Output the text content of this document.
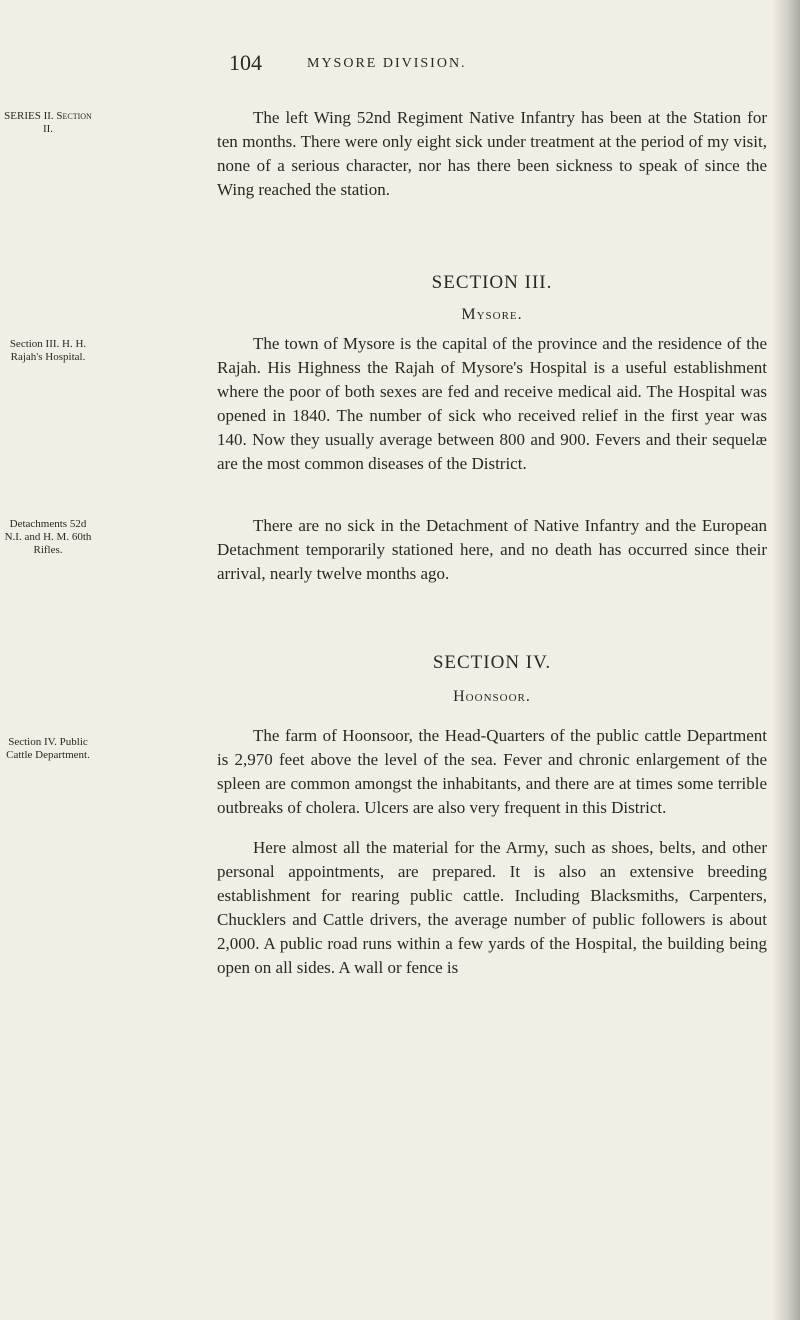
104	MYSORE DIVISION.
SERIES II. Section II.

The left Wing 52nd Regiment Native Infantry has been at the Station for ten months. There were only eight sick under treatment at the period of my visit, none of a serious character, nor has there been sickness to speak of since the Wing reached the station.

SECTION III.
Mysore.
Section III. H. H. Rajah's Hospital.

The town of Mysore is the capital of the province and the residence of the Rajah. His Highness the Rajah of Mysore's Hospital is a useful establishment where the poor of both sexes are fed and receive medical aid. The Hospital was opened in 1840. The number of sick who received relief in the first year was 140. Now they usually average between 800 and 900. Fevers and their sequelæ are the most common diseases of the District.

Detachments 52d N.I. and H. M. 60th Rifles.

There are no sick in the Detachment of Native Infantry and the European Detachment temporarily stationed here, and no death has occurred since their arrival, nearly twelve months ago.

SECTION IV.
Hoonsoor.
Section IV. Public Cattle Department.

The farm of Hoonsoor, the Head-Quarters of the public cattle Department is 2,970 feet above the level of the sea. Fever and chronic enlargement of the spleen are common amongst the inhabitants, and there are at times some terrible outbreaks of cholera. Ulcers are also very frequent in this District.

Here almost all the material for the Army, such as shoes, belts, and other personal appointments, are prepared. It is also an extensive breeding establishment for rearing public cattle. Including Blacksmiths, Carpenters, Chucklers and Cattle drivers, the average number of public followers is about 2,000. A public road runs within a few yards of the Hospital, the building being open on all sides. A wall or fence is
